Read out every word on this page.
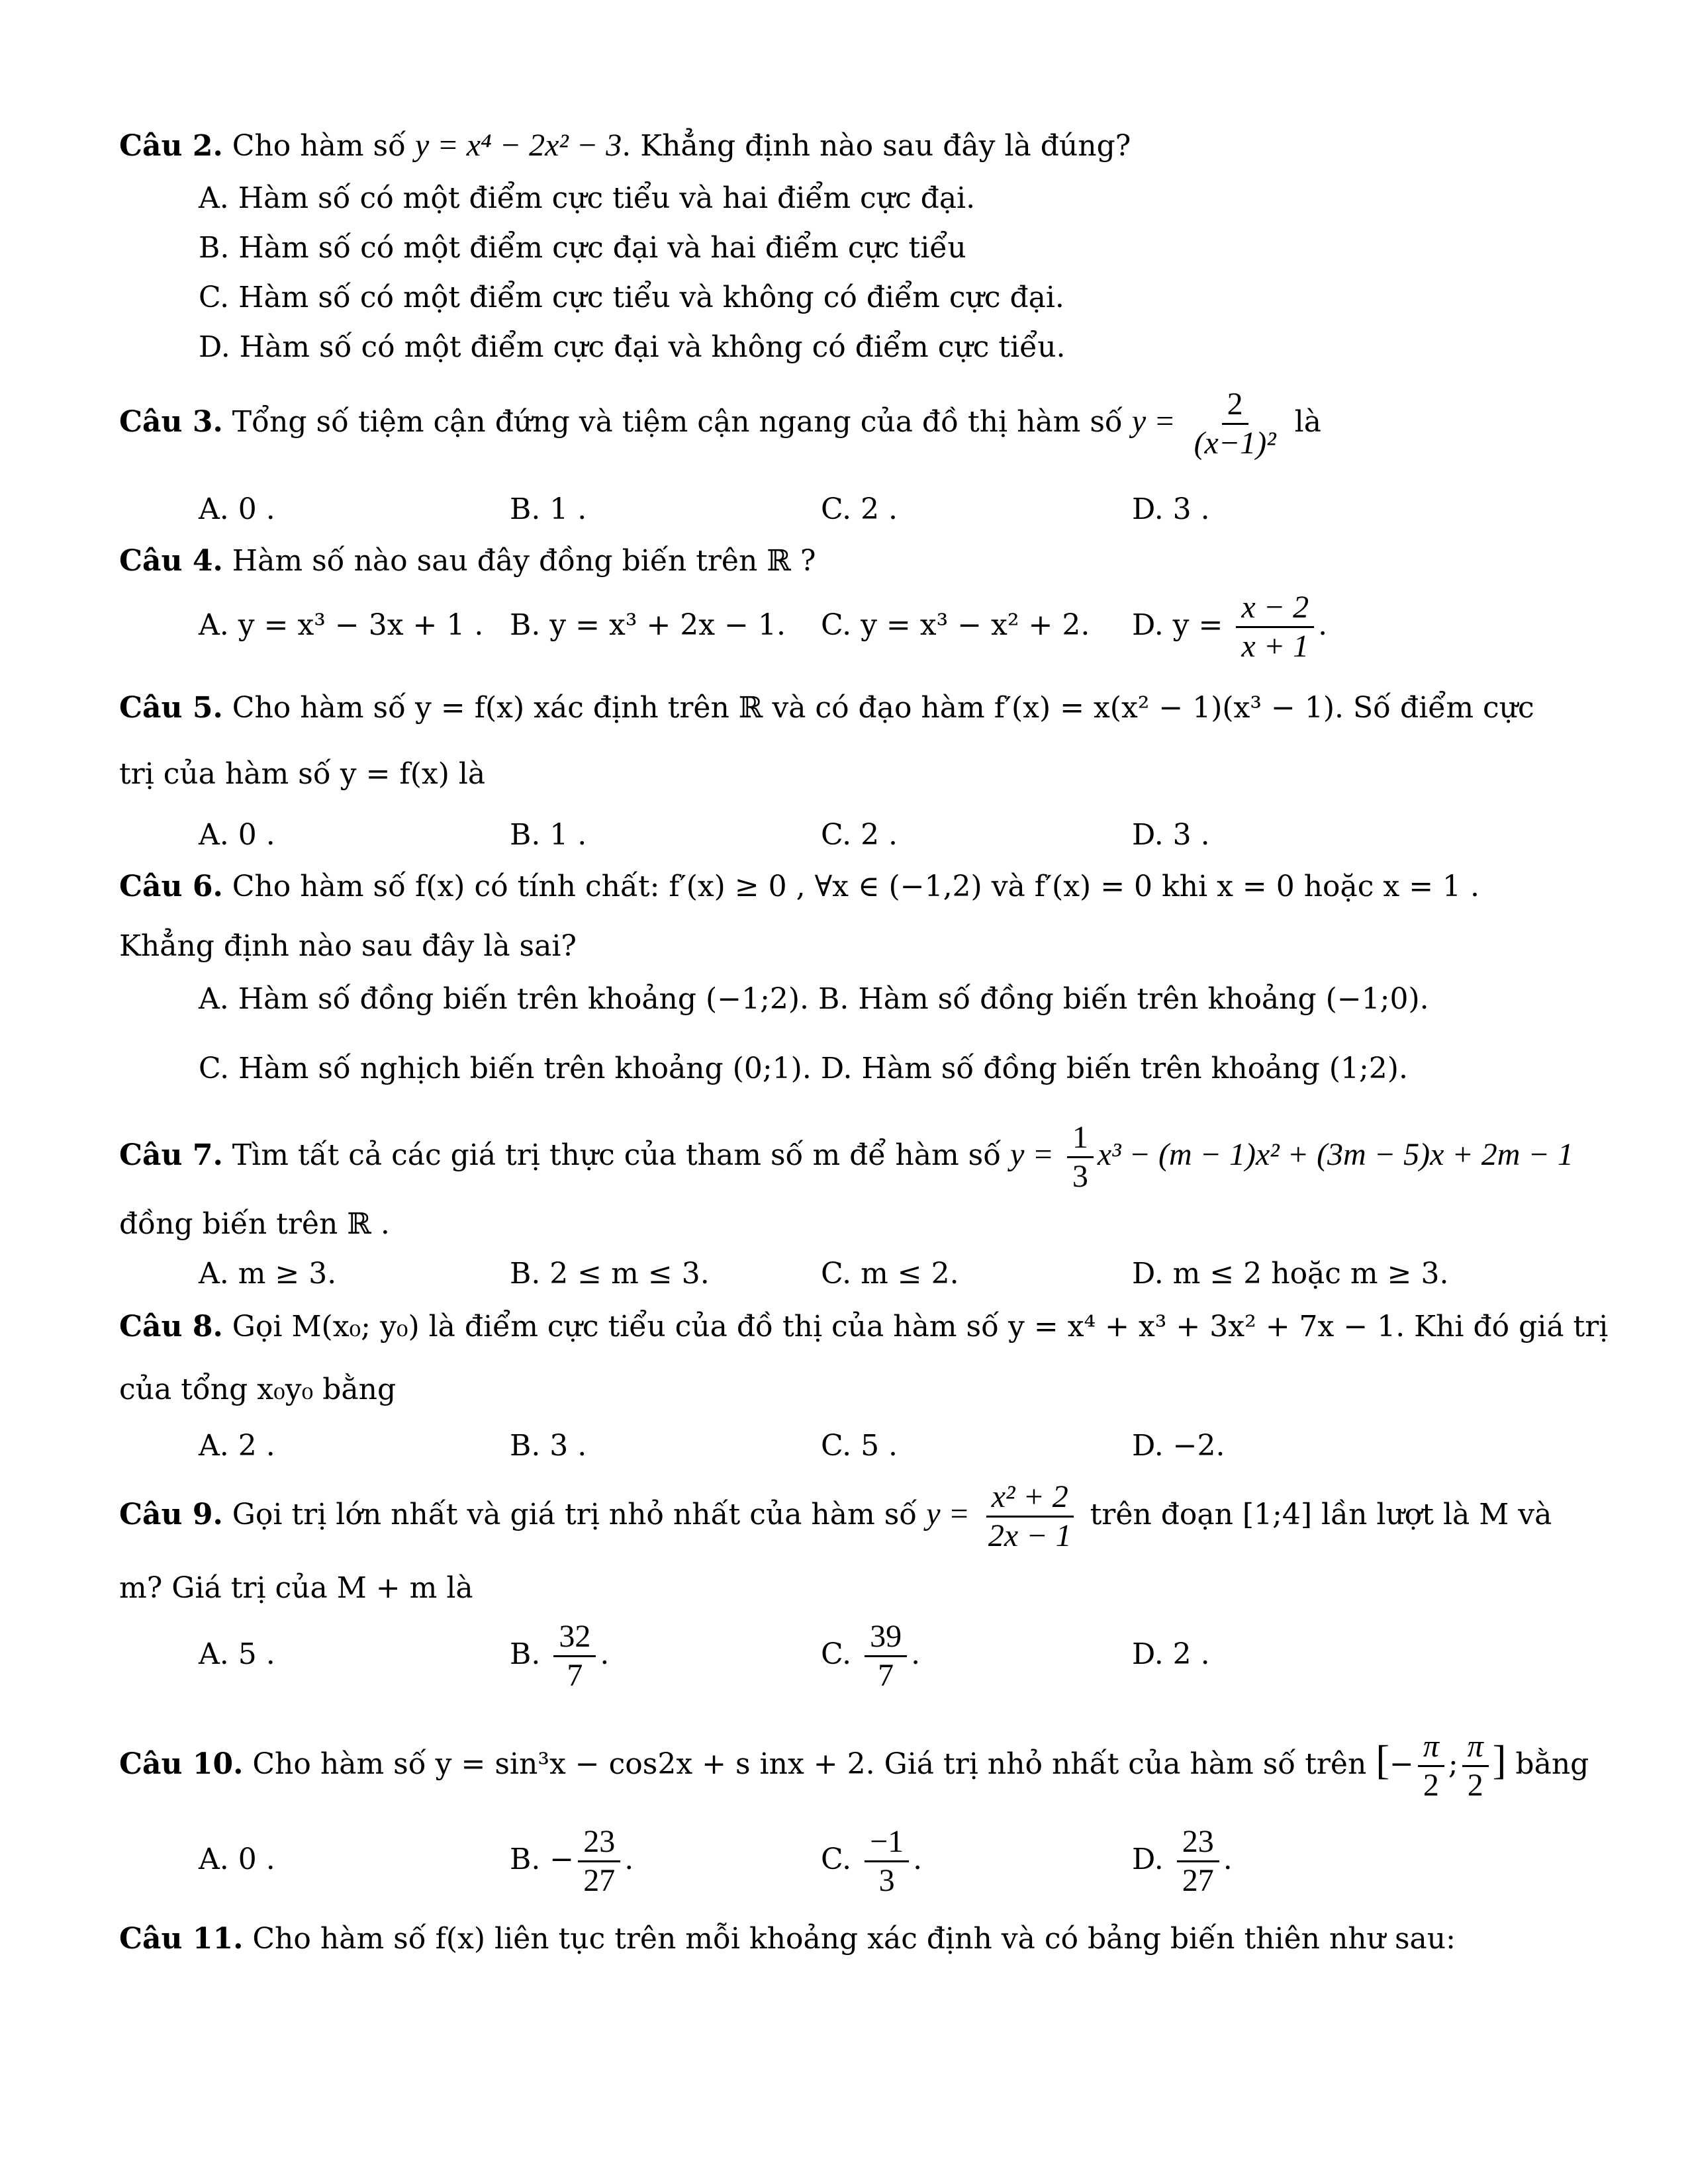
Câu 2. Cho hàm số y = x⁴ − 2x² − 3. Khẳng định nào sau đây là đúng?
A. Hàm số có một điểm cực tiểu và hai điểm cực đại.
B. Hàm số có một điểm cực đại và hai điểm cực tiểu
C. Hàm số có một điểm cực tiểu và không có điểm cực đại.
D. Hàm số có một điểm cực đại và không có điểm cực tiểu.
Câu 3. Tổng số tiệm cận đứng và tiệm cận ngang của đồ thị hàm số $y = \frac{2}{\text{(x−1)²}}$ là
A. 0 .	B. 1 .	C. 2 .	D. 3 .
Câu 4. Hàm số nào sau đây đồng biến trên ℝ ?
A. y = x³ − 3x + 1 . B. y = x³ + 2x − 1. C. y = x³ − x² + 2. D. $y = \frac{x - 2}{x + 1}$ .
Câu 5. Cho hàm số y = f(x) xác định trên ℝ và có đạo hàm f′(x) = x(x² − 1)(x³ − 1). Số điểm cực
trị của hàm số y = f(x) là
A. 0 .	B. 1 .	C. 2 .	D. 3 .
Câu 6. Cho hàm số f(x) có tính chất: f′(x) ≥ 0 , ∀x ∈ (−1,2) và f′(x) = 0 khi x = 0 hoặc x = 1 .
Khẳng định nào sau đây là sai?
A. Hàm số đồng biến trên khoảng (−1;2). B. Hàm số đồng biến trên khoảng (−1;0).
C. Hàm số nghịch biến trên khoảng (0;1). D. Hàm số đồng biến trên khoảng (1;2).
Câu 7. Tìm tất cả các giá trị thực của tham số m để hàm số $y = \frac{1}{3} x^3 - (m - 1)x^2 + (3m - 5)x + 2m - 1$
đồng biến trên ℝ .
A. m ≥ 3.	B. 2 ≤ m ≤ 3.	C. m ≤ 2.	D. m ≤ 2 hoặc m ≥ 3.
Câu 8. Gọi M(x₀; y₀) là điểm cực tiểu của đồ thị của hàm số y = x⁴ + x³ + 3x² + 7x − 1. Khi đó giá trị
của tổng x₀y₀ bằng
A. 2 .	B. 3 .	C. 5 .	D. −2.
Câu 9. Gọi trị lớn nhất và giá trị nhỏ nhất của hàm số $y = \frac{\text{x² + 2}}{2x - 1}$ trên đoạn [1;4] lần lượt là M và
m? Giá trị của M + m là
A. 5 .	B. $\frac{32}{7}$ .	C. $\frac{39}{7}$ .	D. 2 .
Câu 10. Cho hàm số y = sin³x − cos2x + s inx + 2. Giá trị nhỏ nhất của hàm số trên [− $\frac{\pi}{2}$ ; $\frac{\pi}{2}$ ] bằng
A. 0 .	B. − $\frac{23}{27}$ .	C. $\frac{-1}{3}$ .	D. $\frac{23}{27}$ .
Câu 11. Cho hàm số f(x) liên tục trên mỗi khoảng xác định và có bảng biến thiên như sau:
